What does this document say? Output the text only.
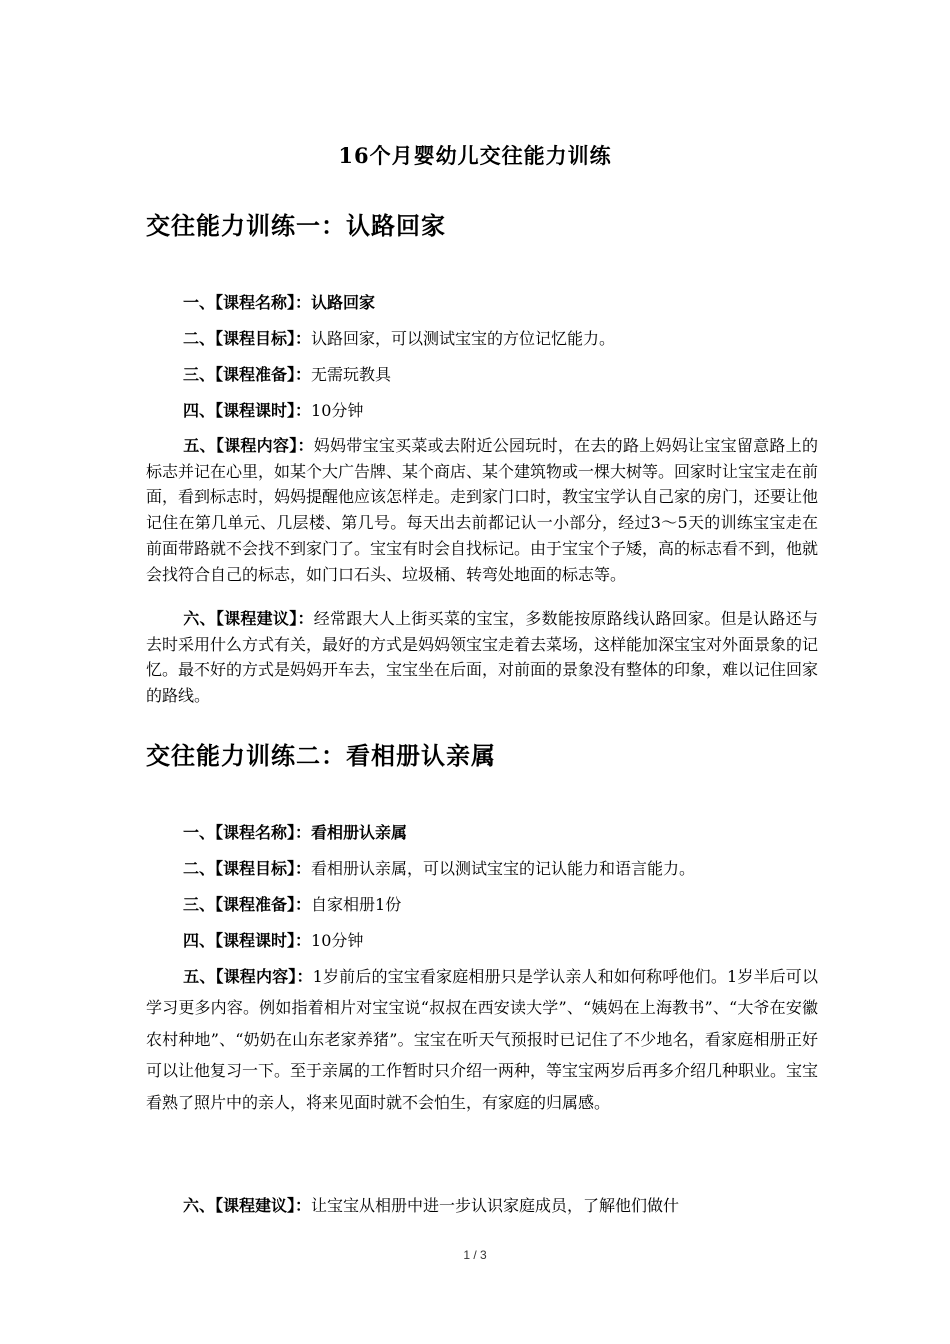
16个月婴幼儿交往能力训练
交往能力训练一：认路回家
一、【课程名称】：认路回家
二、【课程目标】：认路回家，可以测试宝宝的方位记忆能力。
三、【课程准备】：无需玩教具
四、【课程课时】：10分钟
五、【课程内容】：妈妈带宝宝买菜或去附近公园玩时，在去的路上妈妈让宝宝留意路上的标志并记在心里，如某个大广告牌、某个商店、某个建筑物或一棵大树等。回家时让宝宝走在前面，看到标志时，妈妈提醒他应该怎样走。走到家门口时，教宝宝学认自己家的房门，还要让他记住在第几单元、几层楼、第几号。每天出去前都记认一小部分，经过3～5天的训练宝宝走在前面带路就不会找不到家门了。宝宝有时会自找标记。由于宝宝个子矮，高的标志看不到，他就会找符合自己的标志，如门口石头、垃圾桶、转弯处地面的标志等。
六、【课程建议】：经常跟大人上街买菜的宝宝，多数能按原路线认路回家。但是认路还与去时采用什么方式有关，最好的方式是妈妈领宝宝走着去菜场，这样能加深宝宝对外面景象的记忆。最不好的方式是妈妈开车去，宝宝坐在后面，对前面的景象没有整体的印象，难以记住回家的路线。
交往能力训练二：看相册认亲属
一、【课程名称】：看相册认亲属
二、【课程目标】：看相册认亲属，可以测试宝宝的记认能力和语言能力。
三、【课程准备】：自家相册1份
四、【课程课时】：10分钟
五、【课程内容】：1岁前后的宝宝看家庭相册只是学认亲人和如何称呼他们。1岁半后可以学习更多内容。例如指着相片对宝宝说“叔叔在西安读大学”、“姨妈在上海教书”、“大爷在安徽农村种地”、“奶奶在山东老家养猪”。宝宝在听天气预报时已记住了不少地名，看家庭相册正好可以让他复习一下。至于亲属的工作暂时只介绍一两种，等宝宝两岁后再多介绍几种职业。宝宝看熟了照片中的亲人，将来见面时就不会怕生，有家庭的归属感。
六、【课程建议】：让宝宝从相册中进一步认识家庭成员，了解他们做什
1 / 3
